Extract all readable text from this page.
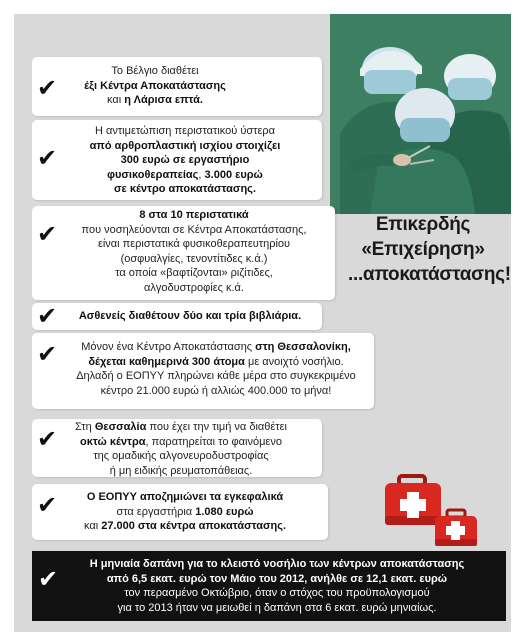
✔
Το Βέλγιο διαθέτει
έξι Κέντρα Αποκατάστασης
και η Λάρισα επτά.
✔
Η αντιμετώπιση περιστατικού ύστερα
από αρθροπλαστική ισχίου στοιχίζει
300 ευρώ σε εργαστήριο
φυσικοθεραπείας, 3.000 ευρώ
σε κέντρο αποκατάστασης.
✔
8 στα 10 περιστατικά
που νοσηλεύονται σε Κέντρα Αποκατάστασης,
είναι περιστατικά φυσικοθεραπευτηρίου
(οσφυαλγίες, τενοντίτιδες κ.ά.)
τα οποία «βαφτίζονται» ριζίτιδες,
αλγοδυστροφίες κ.ά.
Επικερδής
«Επιχείρηση»
...αποκατάστασης!
✔	Ασθενείς διαθέτουν δύο και τρία βιβλιάρια.
✔	Μόνον ένα Κέντρο Αποκατάστασης στη Θεσσαλονίκη,
δέχεται καθημερινά 300 άτομα με ανοιχτό νοσήλιο.
Δηλαδή ο ΕΟΠΥΥ πληρώνει κάθε μέρα στο συγκεκριμένο
κέντρο 21.000 ευρώ ή αλλιώς 400.000 το μήνα!
✔	Στη Θεσσαλία που έχει την τιμή να διαθέτει
οκτώ κέντρα, παρατηρείται το φαινόμενο
της ομαδικής αλγονευροδυστροφίας
ή μη ειδικής ρευματοπάθειας.
✔	Ο ΕΟΠΥΥ αποζημιώνει τα εγκεφαλικά
στα εργαστήρια 1.080 ευρώ
και 27.000 στα κέντρα αποκατάστασης.
✔
Η μηνιαία δαπάνη για το κλειστό νοσήλιο των κέντρων αποκατάστασης
από 6,5 εκατ. ευρώ τον Μάιο του 2012, ανήλθε σε 12,1 εκατ. ευρώ
τον περασμένο Οκτώβριο, όταν ο στόχος του προϋπολογισμού
για το 2013 ήταν να μειωθεί η δαπάνη στα 6 εκατ. ευρώ μηνιαίως.
